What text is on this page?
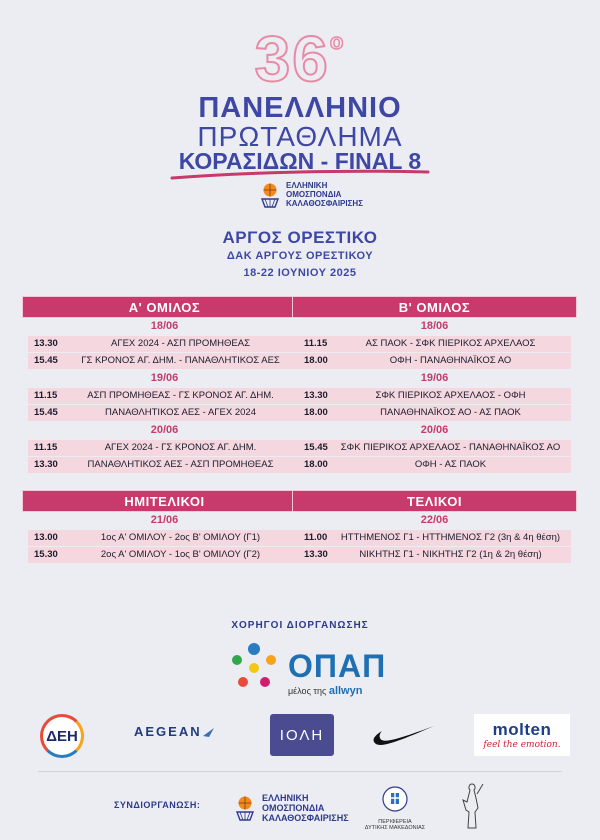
$36^o$
ΠΑΝΕΛΛΗΝΙΟ
ΠΡΩΤΑΘΛΗΜΑ
ΚΟΡΑΣΙΔΩΝ - FINAL 8
ΕΛΛΗΝΙΚΗ
ΟΜΟΣΠΟΝΔΙΑ
ΚΑΛΑΘΟΣΦΑΙΡΙΣΗΣ
ΑΡΓΟΣ ΟΡΕΣΤΙΚΟ
ΔΑΚ ΑΡΓΟΥΣ ΟΡΕΣΤΙΚΟΥ
18-22 ΙΟΥΝΙΟΥ 2025
Α' ΟΜΙΛΟΣ
18/06
13.30	ΑΓΕΧ 2024 - ΑΣΠ ΠΡΟΜΗΘΕΑΣ
15.45	ΓΣ ΚΡΟΝΟΣ ΑΓ. ΔΗΜ. - ΠΑΝΑΘΛΗΤΙΚΟΣ ΑΕΣ
19/06
11.15	ΑΣΠ ΠΡΟΜΗΘΕΑΣ - ΓΣ ΚΡΟΝΟΣ ΑΓ. ΔΗΜ.
15.45	ΠΑΝΑΘΛΗΤΙΚΟΣ ΑΕΣ - ΑΓΕΧ 2024
20/06
11.15	ΑΓΕΧ 2024 - ΓΣ ΚΡΟΝΟΣ ΑΓ. ΔΗΜ.
13.30	ΠΑΝΑΘΛΗΤΙΚΟΣ ΑΕΣ - ΑΣΠ ΠΡΟΜΗΘΕΑΣ
Β' ΟΜΙΛΟΣ
18/06
11.15	ΑΣ ΠΑΟΚ - ΣΦΚ ΠΙΕΡΙΚΟΣ ΑΡΧΕΛΑΟΣ
18.00	ΟΦΗ - ΠΑΝΑΘΗΝΑΪΚΟΣ ΑΟ
19/06
13.30	ΣΦΚ ΠΙΕΡΙΚΟΣ ΑΡΧΕΛΑΟΣ - ΟΦΗ
18.00	ΠΑΝΑΘΗΝΑΪΚΟΣ ΑΟ - ΑΣ ΠΑΟΚ
20/06
15.45	ΣΦΚ ΠΙΕΡΙΚΟΣ ΑΡΧΕΛΑΟΣ - ΠΑΝΑΘΗΝΑΪΚΟΣ ΑΟ
18.00	ΟΦΗ - ΑΣ ΠΑΟΚ
ΗΜΙΤΕΛΙΚΟΙ
21/06
13.00	1ος Α' ΟΜΙΛΟΥ - 2ος Β' ΟΜΙΛΟΥ (Γ1)
15.30	2ος Α' ΟΜΙΛΟΥ - 1ος Β' ΟΜΙΛΟΥ (Γ2)
ΤΕΛΙΚΟΙ
22/06
11.00	ΗΤΤΗΜΕΝΟΣ Γ1 - ΗΤΤΗΜΕΝΟΣ Γ2 (3η & 4η θέση)
13.30	ΝΙΚΗΤΗΣ Γ1 - ΝΙΚΗΤΗΣ Γ2 (1η & 2η θέση)
ΧΟΡΗΓΟΙ ΔΙΟΡΓΑΝΩΣΗΣ
ΟΠΑΠ
μέλος της allwyn
ΔΕΗ	AEGEAN	ΙΟΛΗ	molten
feel the emotion.
ΣΥΝΔΙΟΡΓΑΝΩΣΗ:
ΕΛΛΗΝΙΚΗ
ΟΜΟΣΠΟΝΔΙΑ
ΚΑΛΑΘΟΣΦΑΙΡΙΣΗΣ	ΠΕΡΙΦΕΡΕΙΑ
ΔΥΤΙΚΗΣ ΜΑΚΕΔΟΝΙΑΣ
